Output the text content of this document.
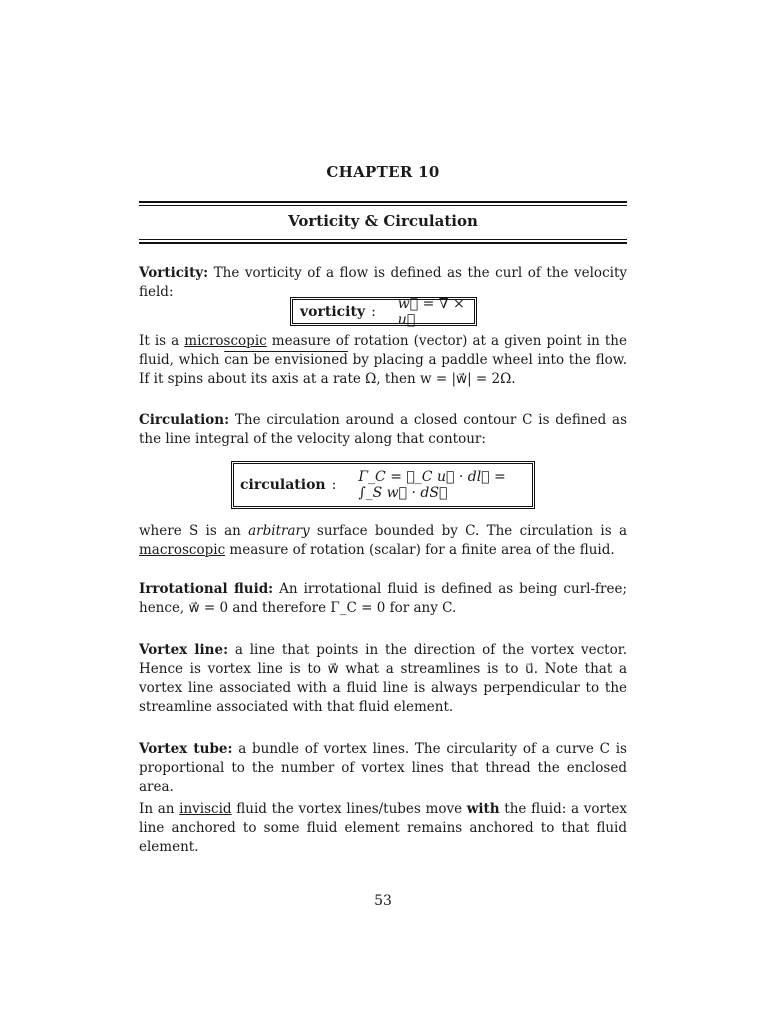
CHAPTER 10
Vorticity & Circulation

Vorticity: The vorticity of a flow is defined as the curl of the velocity field:

vorticity : w⃗ = ∇ × u⃗

It is a microscopic measure of rotation (vector) at a given point in the fluid, which can be envisioned by placing a paddle wheel into the flow. If it spins about its axis at a rate Ω, then w = |w⃗| = 2Ω.

Circulation: The circulation around a closed contour C is defined as the line integral of the velocity along that contour:

circulation : Γ_C = ∮_C u⃗ · dl⃗ = ∫_S w⃗ · dS⃗

where S is an arbitrary surface bounded by C. The circulation is a macroscopic measure of rotation (scalar) for a finite area of the fluid.

Irrotational fluid: An irrotational fluid is defined as being curl-free; hence, w⃗ = 0 and therefore Γ_C = 0 for any C.

Vortex line: a line that points in the direction of the vortex vector. Hence is vortex line is to w⃗ what a streamlines is to u⃗. Note that a vortex line associated with a fluid line is always perpendicular to the streamline associated with that fluid element.

Vortex tube: a bundle of vortex lines. The circularity of a curve C is proportional to the number of vortex lines that thread the enclosed area.

In an inviscid fluid the vortex lines/tubes move with the fluid: a vortex line anchored to some fluid element remains anchored to that fluid element.

53
